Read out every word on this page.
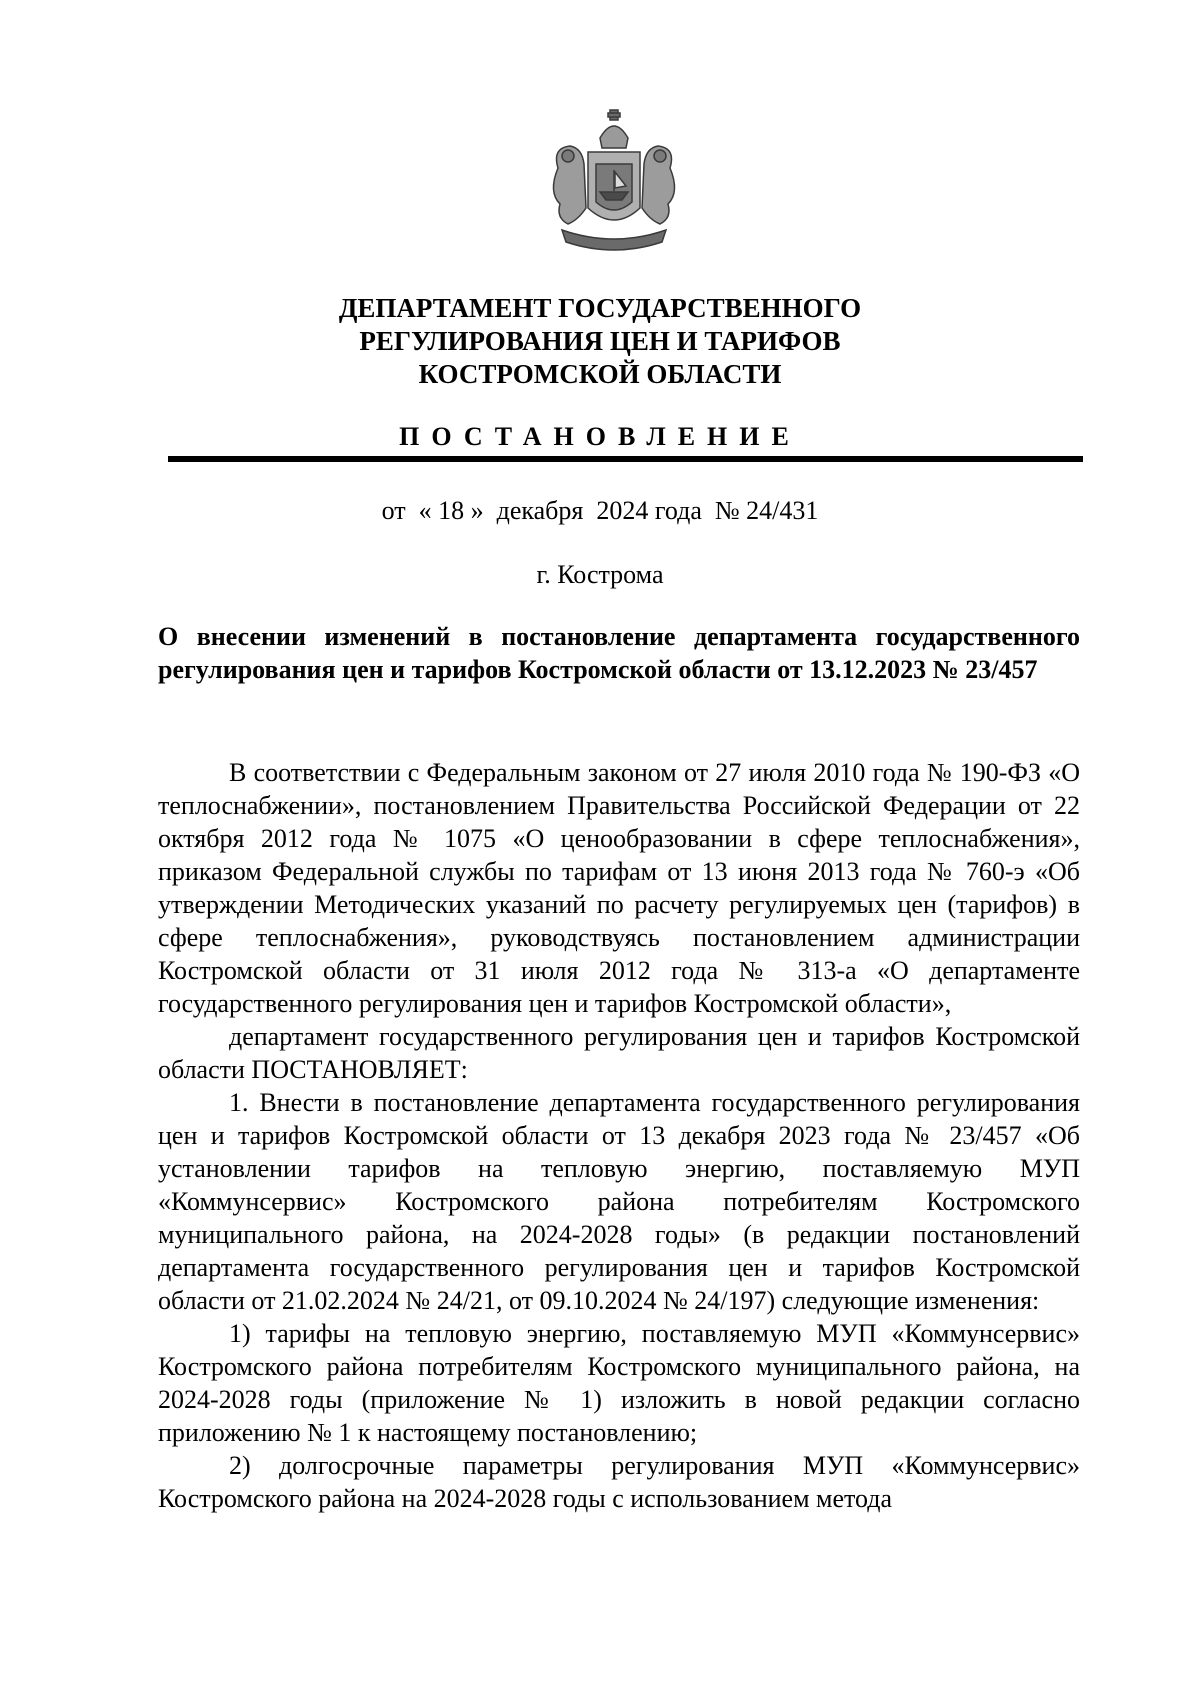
ДЕПАРТАМЕНТ ГОСУДАРСТВЕННОГО
РЕГУЛИРОВАНИЯ ЦЕН И ТАРИФОВ
КОСТРОМСКОЙ ОБЛАСТИ
ПОСТАНОВЛЕНИЕ
от  « 18 »  декабря  2024 года  № 24/431
г. Кострома
О внесении изменений в постановление департамента государственного
регулирования цен и тарифов Костромской области от 13.12.2023 № 23/457

В соответствии с Федеральным законом от 27 июля 2010 года № 190-ФЗ «О теплоснабжении», постановлением Правительства Российской Федерации от 22 октября 2012 года № 1075 «О ценообразовании в сфере теплоснабжения», приказом Федеральной службы по тарифам от 13 июня 2013 года № 760-э «Об утверждении Методических указаний по расчету регулируемых цен (тарифов) в сфере теплоснабжения», руководствуясь постановлением администрации Костромской области от 31 июля 2012 года № 313-а «О департаменте государственного регулирования цен и тарифов Костромской области»,

департамент государственного регулирования цен и тарифов Костромской области ПОСТАНОВЛЯЕТ:

1. Внести в постановление департамента государственного регулирования цен и тарифов Костромской области от 13 декабря 2023 года № 23/457 «Об установлении тарифов на тепловую энергию, поставляемую МУП «Коммунсервис» Костромского района потребителям Костромского муниципального района, на 2024-2028 годы» (в редакции постановлений департамента государственного регулирования цен и тарифов Костромской области от 21.02.2024 № 24/21, от 09.10.2024 № 24/197) следующие изменения:

1) тарифы на тепловую энергию, поставляемую МУП «Коммунсервис» Костромского района потребителям Костромского муниципального района, на 2024-2028 годы (приложение № 1) изложить в новой редакции согласно приложению № 1 к настоящему постановлению;

2) долгосрочные параметры регулирования МУП «Коммунсервис» Костромского района на 2024-2028 годы с использованием метода
